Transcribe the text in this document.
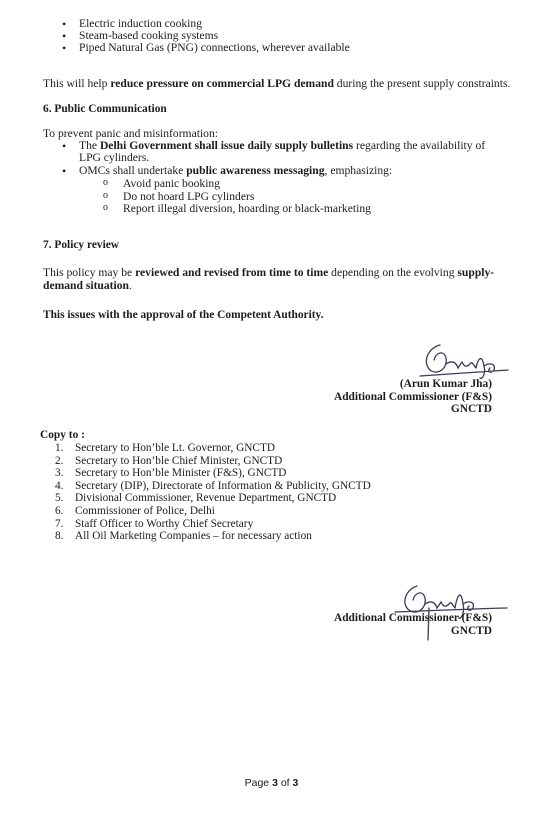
• Electric induction cooking
• Steam-based cooking systems
• Piped Natural Gas (PNG) connections, wherever available
This will help reduce pressure on commercial LPG demand during the present supply constraints.
6. Public Communication
To prevent panic and misinformation:
• The Delhi Government shall issue daily supply bulletins regarding the availability of
LPG cylinders.
• OMCs shall undertake public awareness messaging, emphasizing:
o Avoid panic booking
o Do not hoard LPG cylinders
o Report illegal diversion, hoarding or black-marketing
7. Policy review
This policy may be reviewed and revised from time to time depending on the evolving supply-
demand situation.
This issues with the approval of the Competent Authority.
(Arun Kumar Jha)
Additional Commissioner (F&S)
GNCTD
Copy to :
1. Secretary to Hon’ble Lt. Governor, GNCTD
2. Secretary to Hon’ble Chief Minister, GNCTD
3. Secretary to Hon’ble Minister (F&S), GNCTD
4. Secretary (DIP), Directorate of Information & Publicity, GNCTD
5. Divisional Commissioner, Revenue Department, GNCTD
6. Commissioner of Police, Delhi
7. Staff Officer to Worthy Chief Secretary
8. All Oil Marketing Companies – for necessary action
Additional Commissioner (F&S)
GNCTD
Page 3 of 3
